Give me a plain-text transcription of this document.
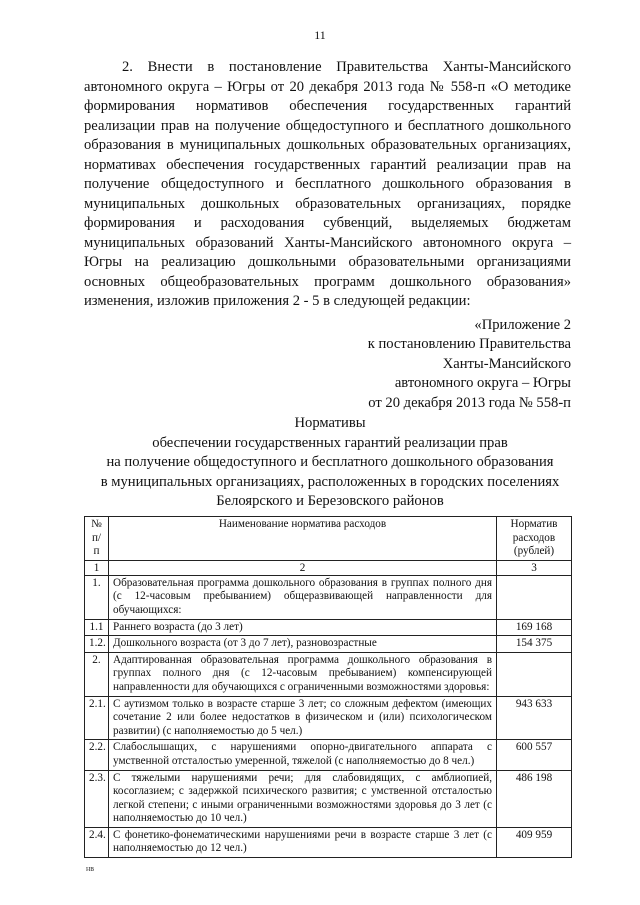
11

2. Внести в постановление Правительства Ханты-Мансийского автономного округа – Югры от 20 декабря 2013 года № 558-п «О методике формирования нормативов обеспечения государственных гарантий реализации прав на получение общедоступного и бесплатного дошкольного образования в муниципальных дошкольных образовательных организациях, нормативах обеспечения государственных гарантий реализации прав на получение общедоступного и бесплатного дошкольного образования в муниципальных дошкольных образовательных организациях, порядке формирования и расходования субвенций, выделяемых бюджетам муниципальных образований Ханты-Мансийского автономного округа – Югры на реализацию дошкольными образовательными организациями основных общеобразовательных программ дошкольного образования» изменения, изложив приложения 2 - 5 в следующей редакции:

«Приложение 2
к постановлению Правительства
Ханты-Мансийского
автономного округа – Югры
от 20 декабря 2013 года № 558-п
Нормативы
обеспечении государственных гарантий реализации прав
на получение общедоступного и бесплатного дошкольного образования
в муниципальных организациях, расположенных в городских поселениях
Белоярского и Березовского районов
№ п/п	Наименование норматива расходов	Норматив расходов (рублей)
1	2	3
1.	Образовательная программа дошкольного образования в группах полного дня (с 12-часовым пребыванием) общеразвивающей направленности для обучающихся:	
1.1	Раннего возраста (до 3 лет)	169 168
1.2.	Дошкольного возраста (от 3 до 7 лет), разновозрастные	154 375
2.	Адаптированная образовательная программа дошкольного образования в группах полного дня (с 12-часовым пребыванием) компенсирующей направленности для обучающихся с ограниченными возможностями здоровья:	
2.1.	С аутизмом только в возрасте старше 3 лет; со сложным дефектом (имеющих сочетание 2 или более недостатков в физическом и (или) психологическом развитии) (с наполняемостью до 5 чел.)	943 633
2.2.	Слабослышащих, с нарушениями опорно-двигательного аппарата с умственной отсталостью умеренной, тяжелой (с наполняемостью до 8 чел.)	600 557
2.3.	С тяжелыми нарушениями речи; для слабовидящих, с амблиопией, косоглазием; с задержкой психического развития; с умственной отсталостью легкой степени; с иными ограниченными возможностями здоровья до 3 лет (с наполняемостью до 10 чел.)	486 198
2.4.	С фонетико-фонематическими нарушениями речи в возрасте старше 3 лет (с наполняемостью до 12 чел.)	409 959
нв
